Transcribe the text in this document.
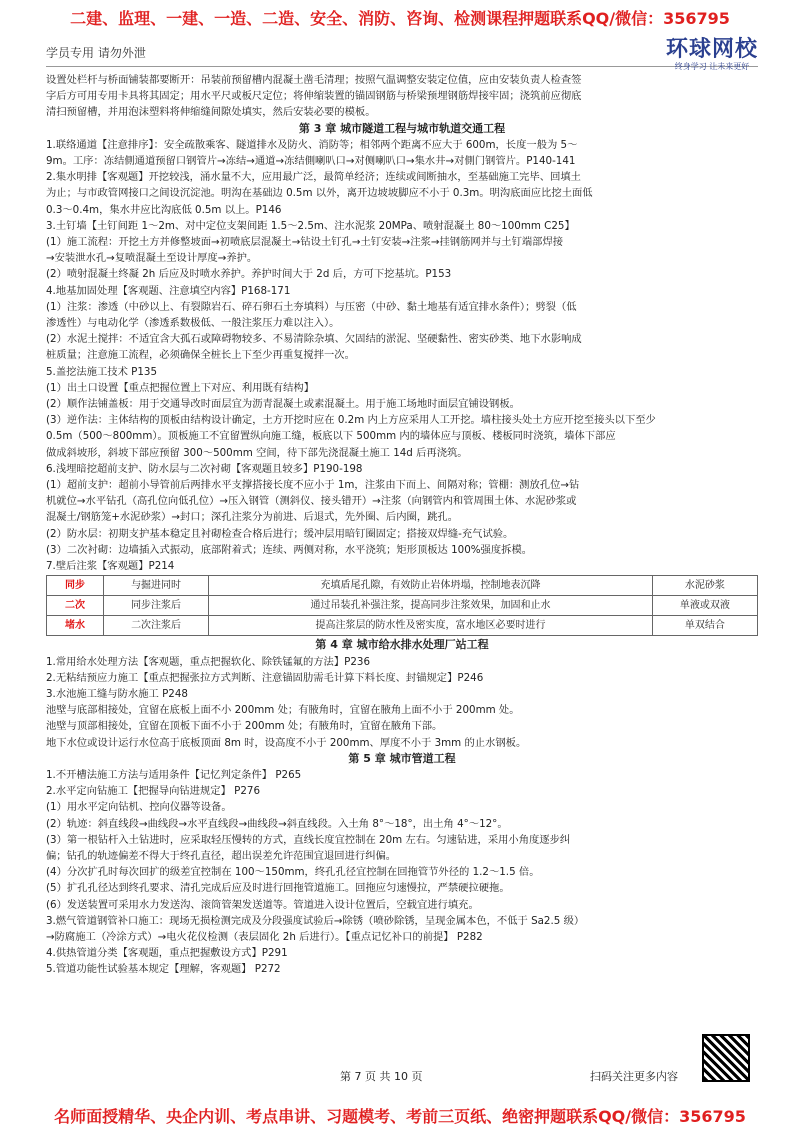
二建、监理、一建、一造、二造、安全、消防、咨询、检测课程押题联系QQ/微信：356795
学员专用 请勿外泄	环球网校
终身学习 让未来更好

设置处栏杆与桥面铺装都要断开：吊装前预留槽内混凝土凿毛清理；按照气温调整安装定位值，应由安装负责人检查签

字后方可用专用卡具将其固定；用水平尺或板尺定位；将伸缩装置的锚固钢筋与桥梁预埋钢筋焊接牢固；浇筑前应彻底

清扫预留槽，并用泡沫塑料将伸缩缝间隙处填实，然后安装必要的模板。

第 3 章 城市隧道工程与城市轨道交通工程

1.联络通道【注意排序】：安全疏散乘客、隧道排水及防火、消防等；相邻两个距离不应大于 600m，长度一般为 5～

9m。工序：冻结側通道预留口钢管片→冻结→通道→冻结側喇叭口→对侧喇叭口→集水井→对側门钢管片。P140-141

2.集水明排【客观题】开挖较浅，涌水量不大，应用最广泛，最简单经济；连续或间断抽水，至基础施工完毕、回填土

为止；与市政管网接口之间设沉淀池。明沟在基础边 0.5m 以外，离开边坡坡脚应不小于 0.3m。明沟底面应比挖土面低

0.3～0.4m，集水井应比沟底低 0.5m 以上。P146

3.土钉墙【土钉间距 1～2m、对中定位支架间距 1.5～2.5m、注水泥浆 20MPa、喷射混凝土 80～100mm C25】

(1）施工流程：开挖土方并修整坡面→初喷底层混凝土→钻设土钉孔→土钉安装→注浆→挂钢筋网并与土钉端部焊接

→安装泄水孔→复喷混凝土至设计厚度→养护。

(2）喷射混凝土终凝 2h 后应及时喷水养护。养护时间大于 2d 后，方可下挖基坑。P153

4.地基加固处理【客观题、注意填空内容】P168-171

(1）注浆：渗透（中砂以上、有裂隙岩石、碎石卵石土夯填料）与压密（中砂、黏土地基有适宜排水条件）；劈裂（低

渗透性）与电动化学（渗透系数极低、一般注浆压力难以注入）。

(2）水泥土搅拌：不适宜含大孤石或障碍物较多、不易清除杂填、欠固结的淤泥、坚硬黏性、密实砂类、地下水影响成

桩质量；注意施工流程，必须确保全桩长上下至少再重复搅拌一次。

5.盖挖法施工技术 P135

(1）出土口设置【重点把握位置上下对应、利用既有结构】

(2）顺作法铺盖板：用于交通导改时面层宜为沥青混凝土或素混凝土。用于施工场地时面层宜铺设钢板。

(3）逆作法：主体结构的顶板由结构设计确定，土方开挖时应在 0.2m 内上方应采用人工开挖。墙柱接头处土方应开挖至接头以下至少

0.5m（500～800mm）。顶板施工不宜留置纵向施工缝，板底以下 500mm 内的墙体应与顶板、楼板同时浇筑，墙体下部应

做成斜坡形，斜坡下部应预留 300～500mm 空间，待下部先浇混凝土施工 14d 后再浇筑。

6.浅埋暗挖超前支护、防水层与二次衬砌【客观题且较多】P190-198

(1）超前支护：超前小导管前后两排水平支撑搭接长度不应小于 1m，注浆由下而上、间隔对称；管棚：测放孔位→钻

机就位→水平钻孔（高孔位向低孔位）→压入钢管（测斜仪、接头错开）→注浆（向钢管内和管周围土体、水泥砂浆或

混凝土/钢筋笼+水泥砂浆）→封口；深孔注浆分为前进、后退式，先外圈、后内圈，跳孔。

(2）防水层：初期支护基本稳定且衬砌检查合格后进行；缓冲层用暗钉圈固定；搭接双焊缝-充气试验。

(3）二次衬砌：边墙插入式振动，底部附着式；连续、两侧对称，水平浇筑；矩形顶板达 100%强度拆模。

7.壁后注浆【客观题】P214

同步	与掘进同时	充填盾尾孔隙，有效防止岩体坍塌，控制地表沉降	水泥砂浆
二次	同步注浆后	通过吊装孔补强注浆，提高同步注浆效果，加固和止水	单液或双液
堵水	二次注浆后	提高注浆层的防水性及密实度，富水地区必要时进行	单双结合

第 4 章 城市给水排水处理厂站工程

1.常用给水处理方法【客观题，重点把握软化、除铁锰氟的方法】P236

2.无粘结预应力施工【重点把握张拉方式判断、注意锚固肋需毛计算下料长度、封锚规定】P246

3.水池施工缝与防水施工 P248

池壁与底部相接处，宜留在底板上面不小 200mm 处；有腋角时，宜留在腋角上面不小于 200mm 处。

池壁与顶部相接处，宜留在顶板下面不小于 200mm 处；有腋角时，宜留在腋角下部。

地下水位或设计运行水位高于底板顶面 8m 时，设高度不小于 200mm、厚度不小于 3mm 的止水钢板。

第 5 章 城市管道工程

1.不开槽法施工方法与适用条件【记忆判定条件】 P265

2.水平定向钻施工【把握导向钻进规定】 P276

(1）用水平定向钻机、控向仪器等设备。

(2）轨迹：斜直线段→曲线段→水平直线段→曲线段→斜直线段。入土角 8°～18°，出土角 4°～12°。

(3）第一根钻杆入土钻进时，应采取轻压慢转的方式，直线长度宜控制在 20m 左右。匀速钻进，采用小角度逐步纠

偏；钻孔的轨迹偏差不得大于终孔直径，超出误差允许范围宜退回进行纠偏。

(4）分次扩孔时每次回扩的级差宜控制在 100～150mm，终孔孔径宜控制在回拖管节外径的 1.2～1.5 倍。

(5）扩孔孔径达到终孔要求、清孔完成后应及时进行回拖管道施工。回拖应匀速慢拉，严禁硬拉硬拖。

(6）发送装置可采用水力发送沟、滚筒管架发送道等。管道进入设计位置后，空载宜进行填充。

3.燃气管道钢管补口施工：现场无损检测完成及分段强度试验后→除锈（喷砂除锈，呈现金属本色，不低于 Sa2.5 级）

→防腐施工（冷涂方式）→电火花仪检测（表层固化 2h 后进行）。【重点记忆补口的前提】 P282

4.供热管道分类【客观题，重点把握敷设方式】P291

5.管道功能性试验基本规定【理解，客观题】 P272

第 7 页 共 10 页	扫码关注更多内容
名师面授精华、央企内训、考点串讲、习题模考、考前三页纸、绝密押题联系QQ/微信：356795
